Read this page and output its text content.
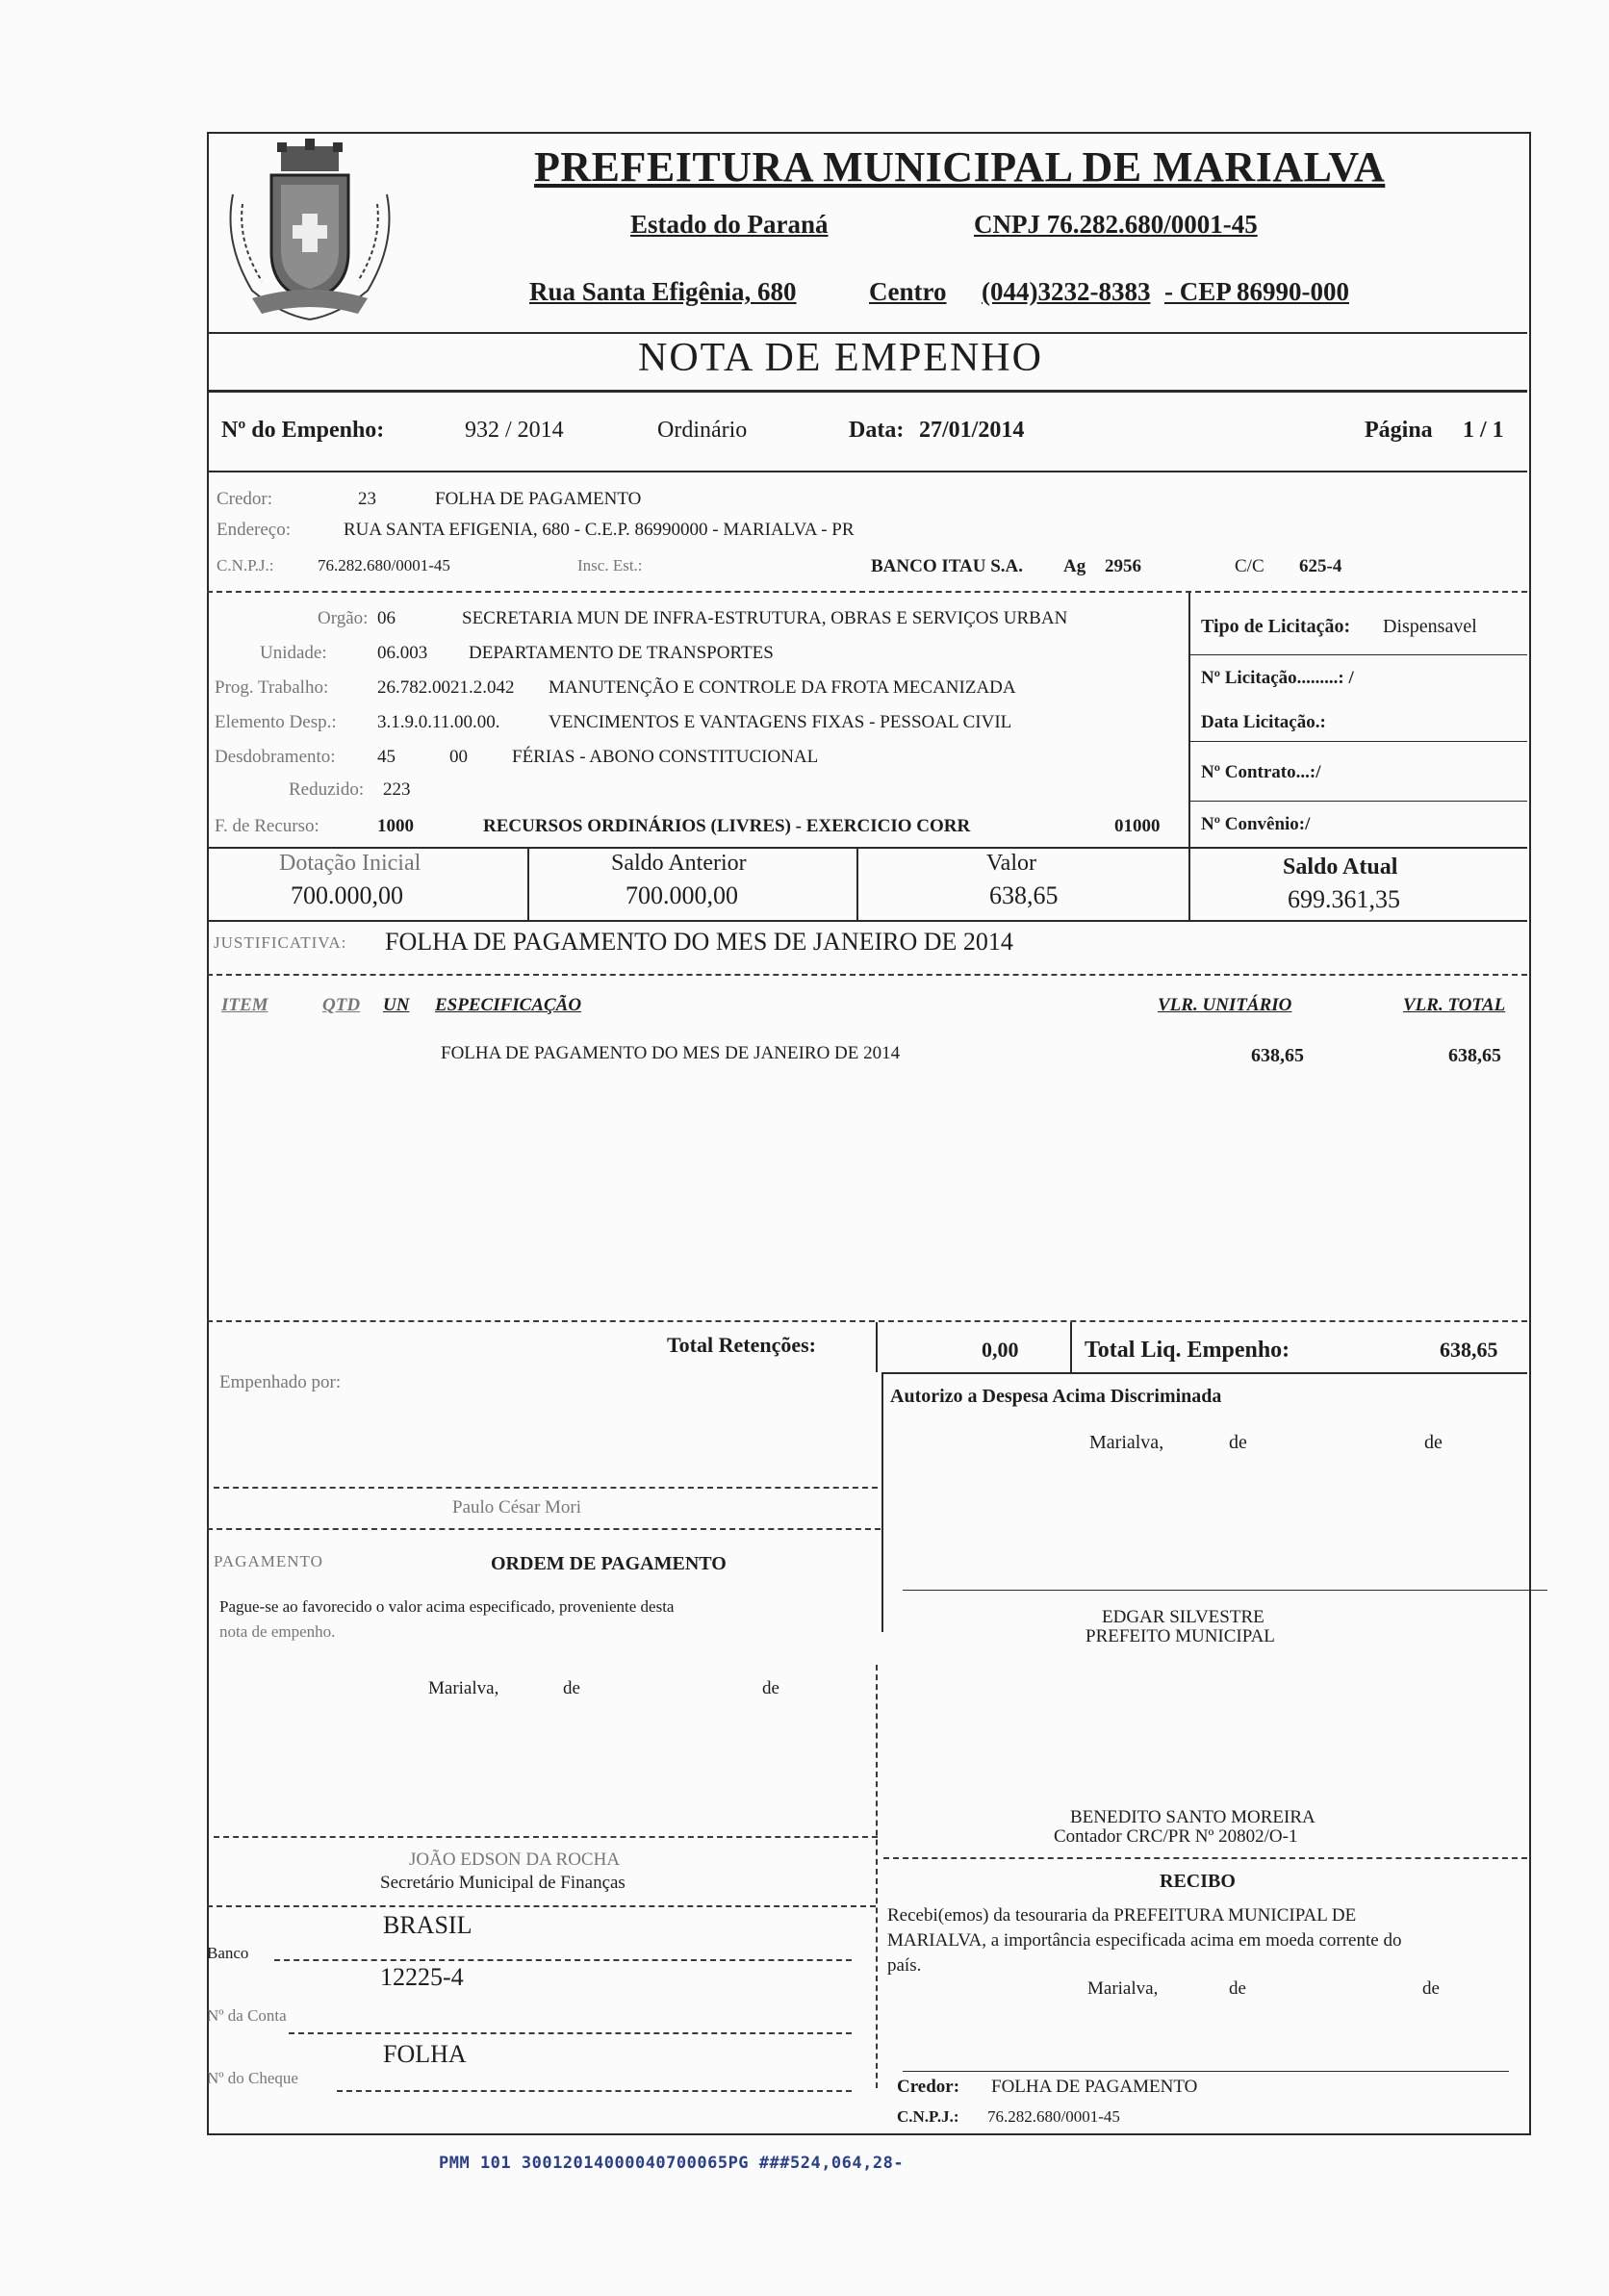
PREFEITURA MUNICIPAL DE MARIALVA
Estado do Paraná	CNPJ 76.282.680/0001-45
Rua Santa Efigênia, 680	Centro (044)3232-8383 - CEP 86990-000
NOTA DE EMPENHO
Nº do Empenho:	932 / 2014	Ordinário	Data: 27/01/2014	Página 1 / 1
Credor:	23	FOLHA DE PAGAMENTO
Endereço:	RUA SANTA EFIGENIA, 680 - C.E.P. 86990000 - MARIALVA - PR
C.N.P.J.:	76.282.680/0001-45	Insc. Est.:	BANCO ITAU S.A. Ag 2956	C/C 625-4
Orgão: 06	SECRETARIA MUN DE INFRA-ESTRUTURA, OBRAS E SERVIÇOS URBAN
Unidade:	06.003 DEPARTAMENTO DE TRANSPORTES
Prog. Trabalho:	26.782.0021.2.042 MANUTENÇÃO E CONTROLE DA FROTA MECANIZADA
Elemento Desp.: 3.1.9.0.11.00.00.	VENCIMENTOS E VANTAGENS FIXAS - PESSOAL CIVIL
Desdobramento: 45	00 FÉRIAS - ABONO CONSTITUCIONAL
Reduzido: 223
F. de Recurso:	1000	RECURSOS ORDINÁRIOS (LIVRES) - EXERCICIO CORR	01000
Tipo de Licitação: Dispensavel
Nº Licitação.........: /
Data Licitação.:
Nº Contrato...:/
Nº Convênio:/
Dotação Inicial
700.000,00
Saldo Anterior
700.000,00
Valor
638,65
Saldo Atual
699.361,35
JUSTIFICATIVA: FOLHA DE PAGAMENTO DO MES DE JANEIRO DE 2014
ITEM	QTD UN ESPECIFICAÇÃO	VLR. UNITÁRIO	VLR. TOTAL
FOLHA DE PAGAMENTO DO MES DE JANEIRO DE 2014	638,65	638,65
Total Retenções:	0,00	Total Liq. Empenho:	638,65
Empenhado por:
Paulo César Mori
Autorizo a Despesa Acima Discriminada
Marialva,	de	de
EDGAR SILVESTRE
PREFEITO MUNICIPAL
PAGAMENTO	ORDEM DE PAGAMENTO
Pague-se ao favorecido o valor acima especificado, proveniente desta
nota de empenho.
Marialva,	de	de
BENEDITO SANTO MOREIRA
Contador CRC/PR Nº 20802/O-1
JOÃO EDSON DA ROCHA
Secretário Municipal de Finanças	RECIBO
Recebi(emos) da tesouraria da PREFEITURA MUNICIPAL DE
MARIALVA, a importância especificada acima em moeda corrente do
país.
Marialva,	de	de
Credor: FOLHA DE PAGAMENTO
C.N.P.J.: 76.282.680/0001-45
Banco
BRASIL
12225-4
Nº da Conta
FOLHA
Nº do Cheque
PMM 101 30012014000040700065PG ###524,064,28-
